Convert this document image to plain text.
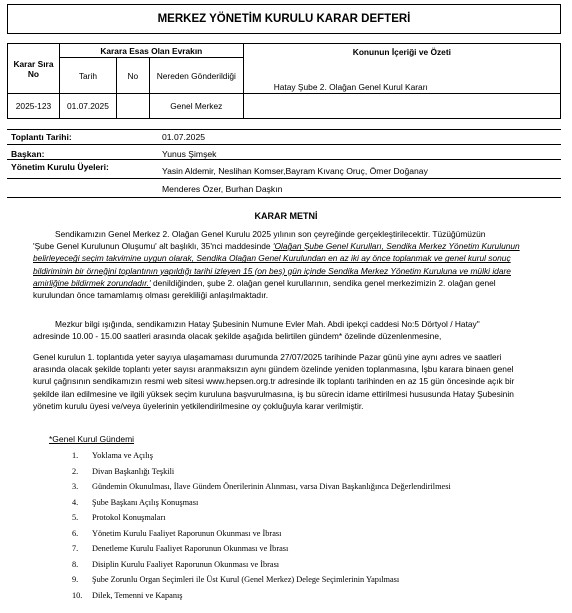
MERKEZ YÖNETİM KURULU KARAR DEFTERİ
Karar Sıra No	Karara Esas Olan Evrakın			Konunun İçeriği ve Özeti
	Tarih	No	Nereden Gönderildiği	
2025-123	01.07.2025		Genel Merkez	Hatay Şube 2. Olağan Genel Kurul Kararı
Toplantı Tarihi:	01.07.2025
Başkan:	Yunus Şimşek
Yönetim Kurulu Üyeleri:	Yasin Aldemir, Neslihan Komser,Bayram Kıvanç Oruç, Ömer Doğanay
Menderes Özer, Burhan Daşkın
KARAR METNİ
Sendikamızın Genel Merkez 2. Olağan Genel Kurulu 2025 yılının son çeyreğinde gerçekleştirilecektir. Tüzüğümüzün
'Şube Genel Kurulunun Oluşumu' alt başlıklı, 35'nci maddesinde 'Olağan Şube Genel Kurulları, Sendika Merkez Yönetim Kurulunun
belirleyeceği seçim takvimine uygun olarak, Sendika Olağan Genel Kurulundan en az iki ay önce toplanmak ve genel kurul sonuç
bildiriminin bir örneğini toplantının yapıldığı tarihi izleyen 15 (on beş) gün içinde Sendika Merkez Yönetim Kuruluna ve mülki idare
amirliğine bildirmek zorundadır.' denildiğinden, şube 2. olağan genel kurullarının, sendika genel merkezimizin 2. olağan genel
kurulundan önce tamamlamış olması gerekliliği anlaşılmaktadır.
Mezkur bilgi ışığında, sendikamızın Hatay Şubesinin Numune Evler Mah. Abdi ipekçi caddesi No:5 Dörtyol / Hatay"
adresinde 10.00 - 15.00 saatleri arasında olacak şekilde aşağıda belirtilen gündem* özelinde düzenlenmesine,
Genel kurulun 1. toplantıda yeter sayıya ulaşamaması durumunda 27/07/2025 tarihinde Pazar günü yine aynı adres ve saatleri
arasında olacak şekilde toplantı yeter sayısı aranmaksızın aynı gündem özelinde yeniden toplanmasına, İşbu karara binaen genel
kurul çağrısının sendikamızın resmi web sitesi www.hepsen.org.tr adresinde ilk toplantı tarihinden en az 15 gün öncesinde açık bir
şekilde ilan edilmesine ve ilgili yüksek seçim kuruluna başvurulmasına, iş bu sürecin idame ettirilmesi hususunda Hatay Şubesinin
yönetim kurulu üyesi ve/veya üyelerinin yetkilendirilmesine oy çokluğuyla karar verilmiştir.
*Genel Kurul Gündemi
1.	Yoklama ve Açılış
2.	Divan Başkanlığı Teşkili
3.	Gündemin Okunulması, İlave Gündem Önerilerinin Alınması, varsa Divan Başkanlığınca Değerlendirilmesi
4.	Şube Başkanı Açılış Konuşması
5.	Protokol Konuşmaları
6.	Yönetim Kurulu Faaliyet Raporunun Okunması ve İbrası
7.	Denetleme Kurulu Faaliyet Raporunun Okunması ve İbrası
8.	Disiplin Kurulu Faaliyet Raporunun Okunması ve İbrası
9.	Şube Zorunlu Organ Seçimleri ile Üst Kurul (Genel Merkez) Delege Seçimlerinin Yapılması
10.	Dilek, Temenni ve Kapanış
